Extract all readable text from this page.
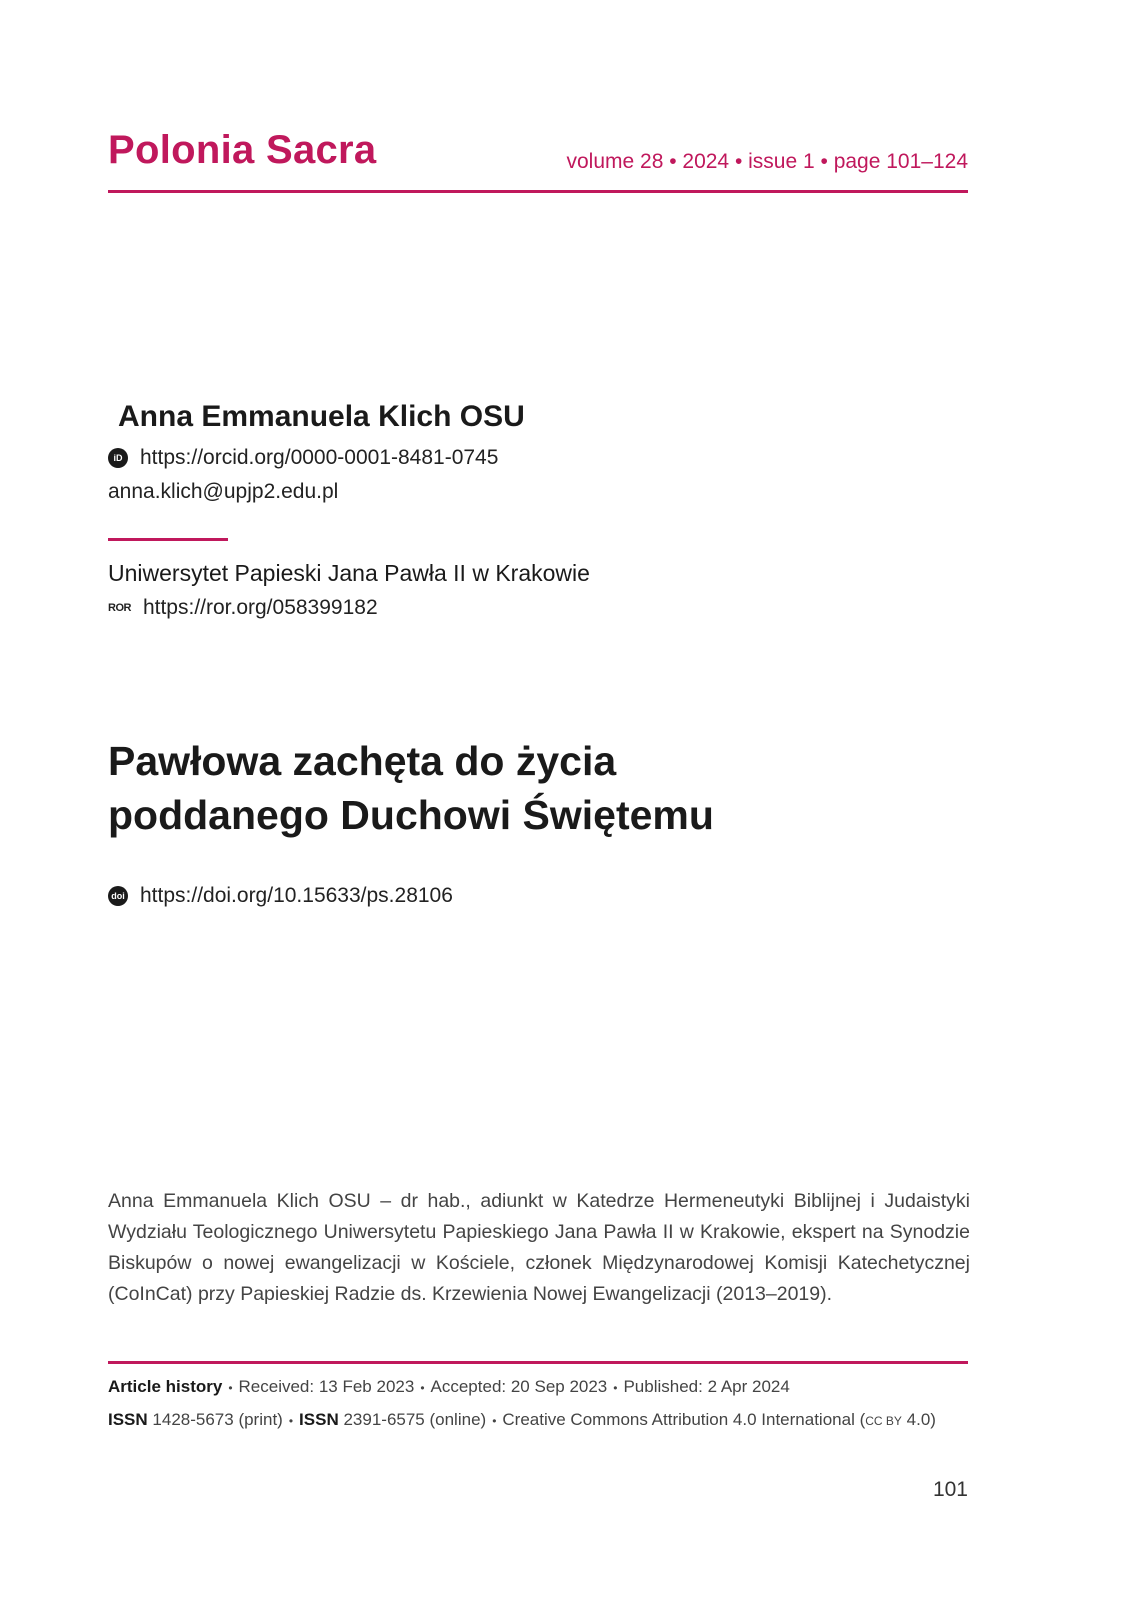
Polonia Sacra	volume 28 • 2024 • issue 1 • page 101–124
Anna Emmanuela Klich OSU
iD https://orcid.org/0000-0001-8481-0745
anna.klich@upjp2.edu.pl
Uniwersytet Papieski Jana Pawła II w Krakowie
ROR https://ror.org/058399182
Pawłowa zachęta do życia
poddanego Duchowi Świętemu
doi https://doi.org/10.15633/ps.28106

Anna Emmanuela Klich OSU – dr hab., adiunkt w Katedrze Hermeneutyki Biblijnej i Judaistyki Wydziału Teologicznego Uniwersytetu Papieskiego Jana Pawła II w Krakowie, ekspert na Synodzie Biskupów o nowej ewangelizacji w Kościele, członek Międzynarodowej Komisji Katechetycznej (CoInCat) przy Papieskiej Radzie ds. Krzewienia Nowej Ewangelizacji (2013–2019).

Article history • Received: 13 Feb 2023 • Accepted: 20 Sep 2023 • Published: 2 Apr 2024
ISSN 1428-5673 (print) • ISSN 2391-6575 (online) • Creative Commons Attribution 4.0 International (CC BY 4.0)
101
